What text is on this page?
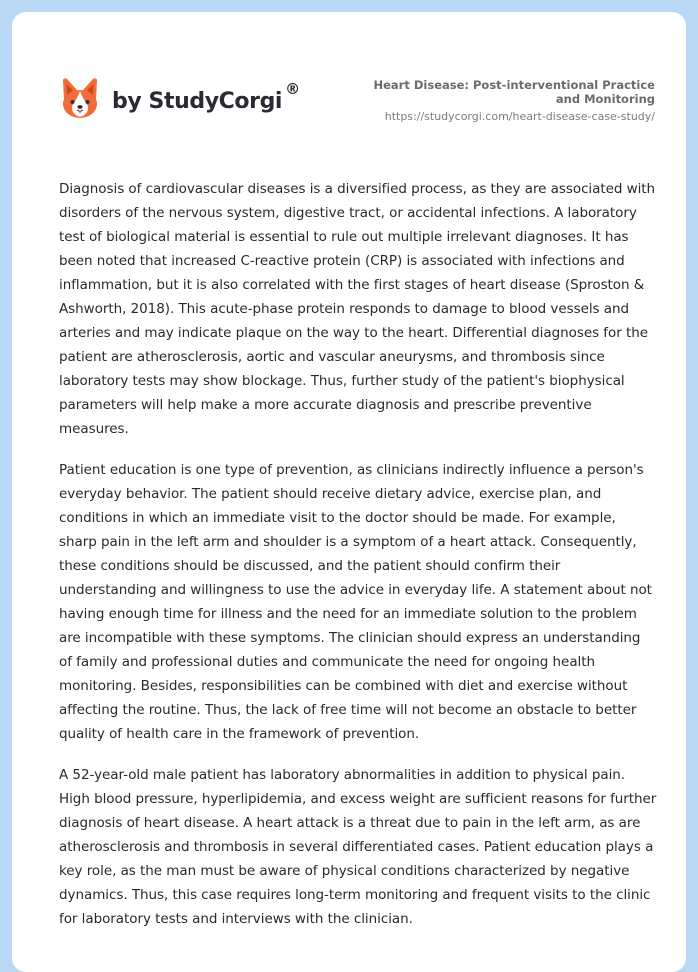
by StudyCorgi ®	Heart Disease: Post-interventional Practice and Monitoring
https://studycorgi.com/heart-disease-case-study/

Diagnosis of cardiovascular diseases is a diversified process, as they are associated with disorders of the nervous system, digestive tract, or accidental infections. A laboratory test of biological material is essential to rule out multiple irrelevant diagnoses. It has been noted that increased C-reactive protein (CRP) is associated with infections and inflammation, but it is also correlated with the first stages of heart disease (Sproston & Ashworth, 2018). This acute-phase protein responds to damage to blood vessels and arteries and may indicate plaque on the way to the heart. Differential diagnoses for the patient are atherosclerosis, aortic and vascular aneurysms, and thrombosis since laboratory tests may show blockage. Thus, further study of the patient's biophysical parameters will help make a more accurate diagnosis and prescribe preventive measures.

Patient education is one type of prevention, as clinicians indirectly influence a person's everyday behavior. The patient should receive dietary advice, exercise plan, and conditions in which an immediate visit to the doctor should be made. For example, sharp pain in the left arm and shoulder is a symptom of a heart attack. Consequently, these conditions should be discussed, and the patient should confirm their understanding and willingness to use the advice in everyday life. A statement about not having enough time for illness and the need for an immediate solution to the problem are incompatible with these symptoms. The clinician should express an understanding of family and professional duties and communicate the need for ongoing health monitoring. Besides, responsibilities can be combined with diet and exercise without affecting the routine. Thus, the lack of free time will not become an obstacle to better quality of health care in the framework of prevention.

A 52-year-old male patient has laboratory abnormalities in addition to physical pain. High blood pressure, hyperlipidemia, and excess weight are sufficient reasons for further diagnosis of heart disease. A heart attack is a threat due to pain in the left arm, as are atherosclerosis and thrombosis in several differentiated cases. Patient education plays a key role, as the man must be aware of physical conditions characterized by negative dynamics. Thus, this case requires long-term monitoring and frequent visits to the clinic for laboratory tests and interviews with the clinician.
